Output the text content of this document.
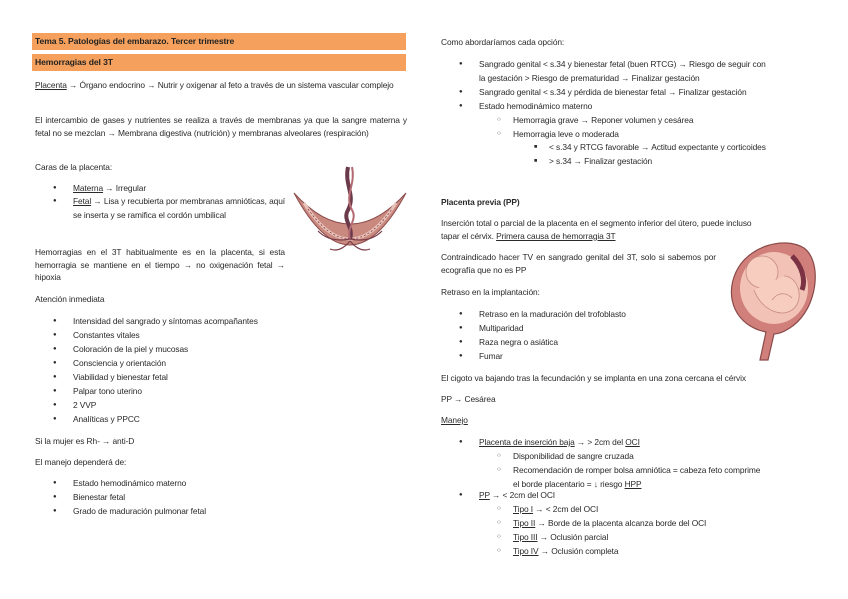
Tema 5. Patologías del embarazo. Tercer trimestre
Hemorragias del 3T

Placenta → Órgano endocrino → Nutrir y oxigenar al feto a través de un sistema vascular complejo

El intercambio de gases y nutrientes se realiza a través de membranas ya que la sangre materna y fetal no se mezclan → Membrana digestiva (nutrición) y membranas alveolares (respiración)

Caras de la placenta:

● Materna → Irregular
● Fetal → Lisa y recubierta por membranas amnióticas, aquí se inserta y se ramifica el cordón umbilical

Hemorragias en el 3T habitualmente es en la placenta, si esta hemorragia se mantiene en el tiempo → no oxigenación fetal → hipoxia

Atención inmediata

● Intensidad del sangrado y síntomas acompañantes
● Constantes vitales
● Coloración de la piel y mucosas
● Consciencia y orientación
● Viabilidad y bienestar fetal
● Palpar tono uterino
● 2 VVP
● Analíticas y PPCC

Si la mujer es Rh- → anti-D

El manejo dependerá de:

● Estado hemodinámico materno
● Bienestar fetal
● Grado de maduración pulmonar fetal

Como abordaríamos cada opción:

● Sangrado genital < s.34 y bienestar fetal (buen RTCG) → Riesgo de seguir con
la gestación > Riesgo de prematuridad → Finalizar gestación
● Sangrado genital < s.34 y pérdida de bienestar fetal → Finalizar gestación
● Estado hemodinámico materno
○ Hemorragia grave → Reponer volumen y cesárea
○ Hemorragia leve o moderada
■ < s.34 y RTCG favorable → Actitud expectante y corticoides
■ > s.34 → Finalizar gestación

Placenta previa (PP)

Inserción total o parcial de la placenta en el segmento inferior del útero, puede incluso
tapar el cérvix. Primera causa de hemorragia 3T

Contraindicado hacer TV en sangrado genital del 3T, solo si sabemos por ecografía que no es PP

Retraso en la implantación:

● Retraso en la maduración del trofoblasto
● Multiparidad
● Raza negra o asiática
● Fumar

El cigoto va bajando tras la fecundación y se implanta en una zona cercana el cérvix

PP → Cesárea

Manejo

● Placenta de inserción baja → > 2cm del OCI
○ Disponibilidad de sangre cruzada
○ Recomendación de romper bolsa amniótica = cabeza feto comprime
el borde placentario = ↓ riesgo HPP
● PP → < 2cm del OCI
○ Tipo I → < 2cm del OCI
○ Tipo II → Borde de la placenta alcanza borde del OCI
○ Tipo III → Oclusión parcial
○ Tipo IV → Oclusión completa
